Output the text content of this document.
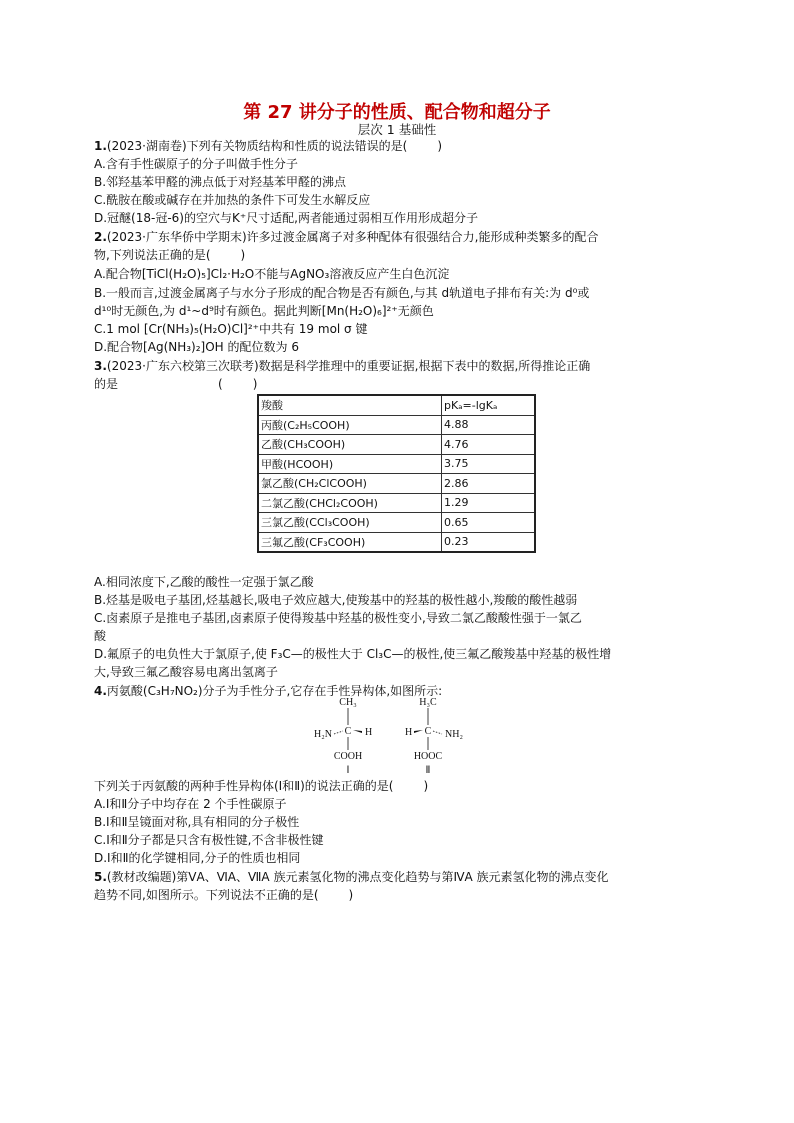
第 27 讲分子的性质、配合物和超分子
层次 1 基础性
1.(2023·湖南卷)下列有关物质结构和性质的说法错误的是(	)
A.含有手性碳原子的分子叫做手性分子
B.邻羟基苯甲醛的沸点低于对羟基苯甲醛的沸点
C.酰胺在酸或碱存在并加热的条件下可发生水解反应
D.冠醚(18-冠-6)的空穴与K⁺尺寸适配,两者能通过弱相互作用形成超分子
2.(2023·广东华侨中学期末)许多过渡金属离子对多种配体有很强结合力,能形成种类繁多的配合
物,下列说法正确的是(	)
A.配合物[TiCl(H₂O)₅]Cl₂·H₂O不能与AgNO₃溶液反应产生白色沉淀
B.一般而言,过渡金属离子与水分子形成的配合物是否有颜色,与其 d轨道电子排布有关:为 d⁰或
d¹⁰时无颜色,为 d¹~d⁹时有颜色。据此判断[Mn(H₂O)₆]²⁺无颜色
C.1 mol [Cr(NH₃)₅(H₂O)Cl]²⁺中共有 19 mol σ 键
D.配合物[Ag(NH₃)₂]OH 的配位数为 6
3.(2023·广东六校第三次联考)数据是科学推理中的重要证据,根据下表中的数据,所得推论正确
的是	(	)
羧酸	pKₐ=-lgKₐ
丙酸(C₂H₅COOH)	4.88
乙酸(CH₃COOH)	4.76
甲酸(HCOOH)	3.75
氯乙酸(CH₂ClCOOH)	2.86
二氯乙酸(CHCl₂COOH)	1.29
三氯乙酸(CCl₃COOH)	0.65
三氟乙酸(CF₃COOH)	0.23
A.相同浓度下,乙酸的酸性一定强于氯乙酸
B.烃基是吸电子基团,烃基越长,吸电子效应越大,使羧基中的羟基的极性越小,羧酸的酸性越弱
C.卤素原子是推电子基团,卤素原子使得羧基中羟基的极性变小,导致二氯乙酸酸性强于一氯乙
酸
D.氟原子的电负性大于氯原子,使 F₃C—的极性大于 Cl₃C—的极性,使三氟乙酸羧基中羟基的极性增
大,导致三氟乙酸容易电离出氢离子
4.丙氨酸(C₃H₇NO₂)分子为手性分子,它存在手性异构体,如图所示:
CH₃
C
H₂N	H
COOH
Ⅰ
H₃C
C
H	NH₂
HOOC
Ⅱ
下列关于丙氨酸的两种手性异构体(Ⅰ和Ⅱ)的说法正确的是(	)
A.Ⅰ和Ⅱ分子中均存在 2 个手性碳原子
B.Ⅰ和Ⅱ呈镜面对称,具有相同的分子极性
C.Ⅰ和Ⅱ分子都是只含有极性键,不含非极性键
D.Ⅰ和Ⅱ的化学键相同,分子的性质也相同
5.(教材改编题)第ⅤA、ⅥA、ⅦA 族元素氢化物的沸点变化趋势与第ⅣA 族元素氢化物的沸点变化
趋势不同,如图所示。下列说法不正确的是(	)
